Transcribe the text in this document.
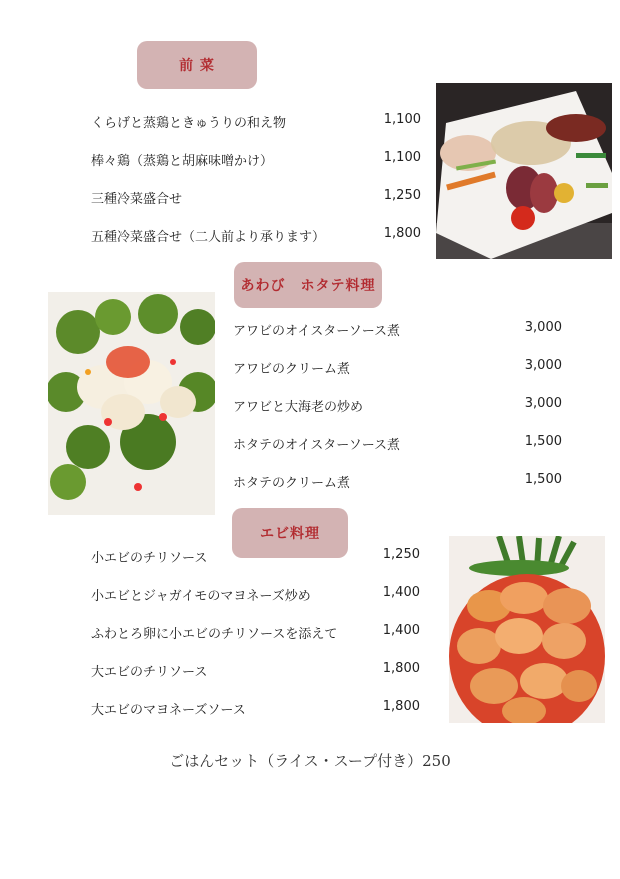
前 菜
くらげと蒸鶏ときゅうりの和え物	1,100
棒々鶏（蒸鶏と胡麻味噌かけ）	1,100
三種冷菜盛合せ	1,250
五種冷菜盛合せ（二人前より承ります）	1,800
あわび　ホタテ料理
アワビのオイスターソース煮	3,000
アワビのクリーム煮	3,000
アワビと大海老の炒め	3,000
ホタテのオイスターソース煮	1,500
ホタテのクリーム煮	1,500
エビ料理
小エビのチリソース	1,250
小エビとジャガイモのマヨネーズ炒め	1,400
ふわとろ卵に小エビのチリソースを添えて	1,400
大エビのチリソース	1,800
大エビのマヨネーズソース	1,800
ごはんセット（ライス・スープ付き）250
